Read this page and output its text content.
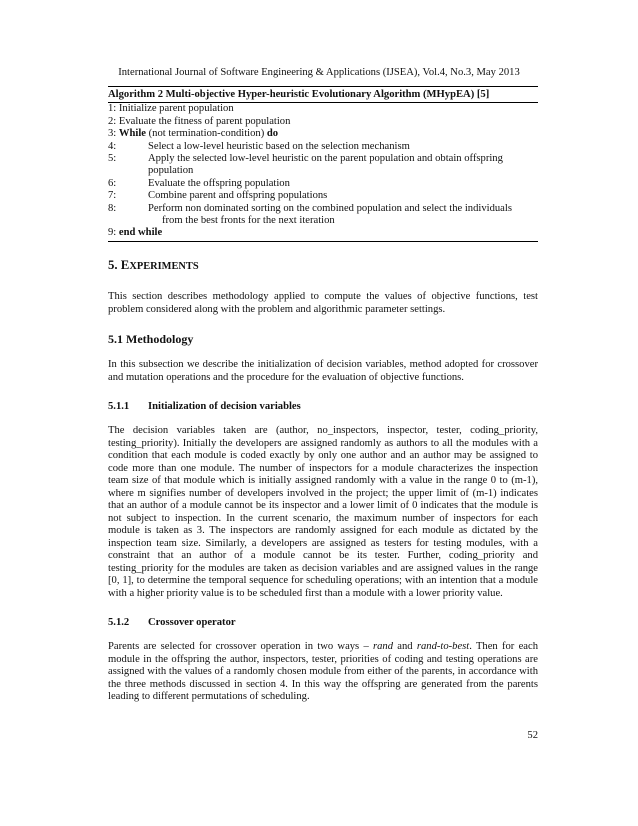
International Journal of Software Engineering & Applications (IJSEA), Vol.4, No.3, May 2013
Algorithm 2 Multi-objective Hyper-heuristic Evolutionary Algorithm (MHypEA) [5]
1: Initialize parent population
2: Evaluate the fitness of parent population
3: While (not termination-condition) do
4:	Select a low-level heuristic based on the selection mechanism
5:	Apply the selected low-level heuristic on the parent population and obtain offspring
population
6:	Evaluate the offspring population
7:	Combine parent and offspring populations
8:	Perform non dominated sorting on the combined population and select the individuals
from the best fronts for the next iteration
9: end while
5. EXPERIMENTS

This section describes methodology applied to compute the values of objective functions, test problem considered along with the problem and algorithmic parameter settings.

5.1 Methodology

In this subsection we describe the initialization of decision variables, method adopted for crossover and mutation operations and the procedure for the evaluation of objective functions.

5.1.1 Initialization of decision variables

The decision variables taken are (author, no_inspectors, inspector, tester, coding_priority, testing_priority). Initially the developers are assigned randomly as authors to all the modules with a condition that each module is coded exactly by only one author and an author may be assigned to code more than one module. The number of inspectors for a module characterizes the inspection team size of that module which is initially assigned randomly with a value in the range 0 to (m-1), where m signifies number of developers involved in the project; the upper limit of (m-1) indicates that an author of a module cannot be its inspector and a lower limit of 0 indicates that the module is not subject to inspection. In the current scenario, the maximum number of inspectors for each module is taken as 3. The inspectors are randomly assigned for each module as dictated by the inspection team size. Similarly, a developers are assigned as testers for testing modules, with a constraint that an author of a module cannot be its tester. Further, coding_priority and testing_priority for the modules are taken as decision variables and are assigned values in the range [0, 1], to determine the temporal sequence for scheduling operations; with an intention that a module with a higher priority value is to be scheduled first than a module with a lower priority value.

5.1.2 Crossover operator

Parents are selected for crossover operation in two ways – rand and rand-to-best. Then for each module in the offspring the author, inspectors, tester, priorities of coding and testing operations are assigned with the values of a randomly chosen module from either of the parents, in accordance with the three methods discussed in section 4. In this way the offspring are generated from the parents leading to different permutations of scheduling.

52
